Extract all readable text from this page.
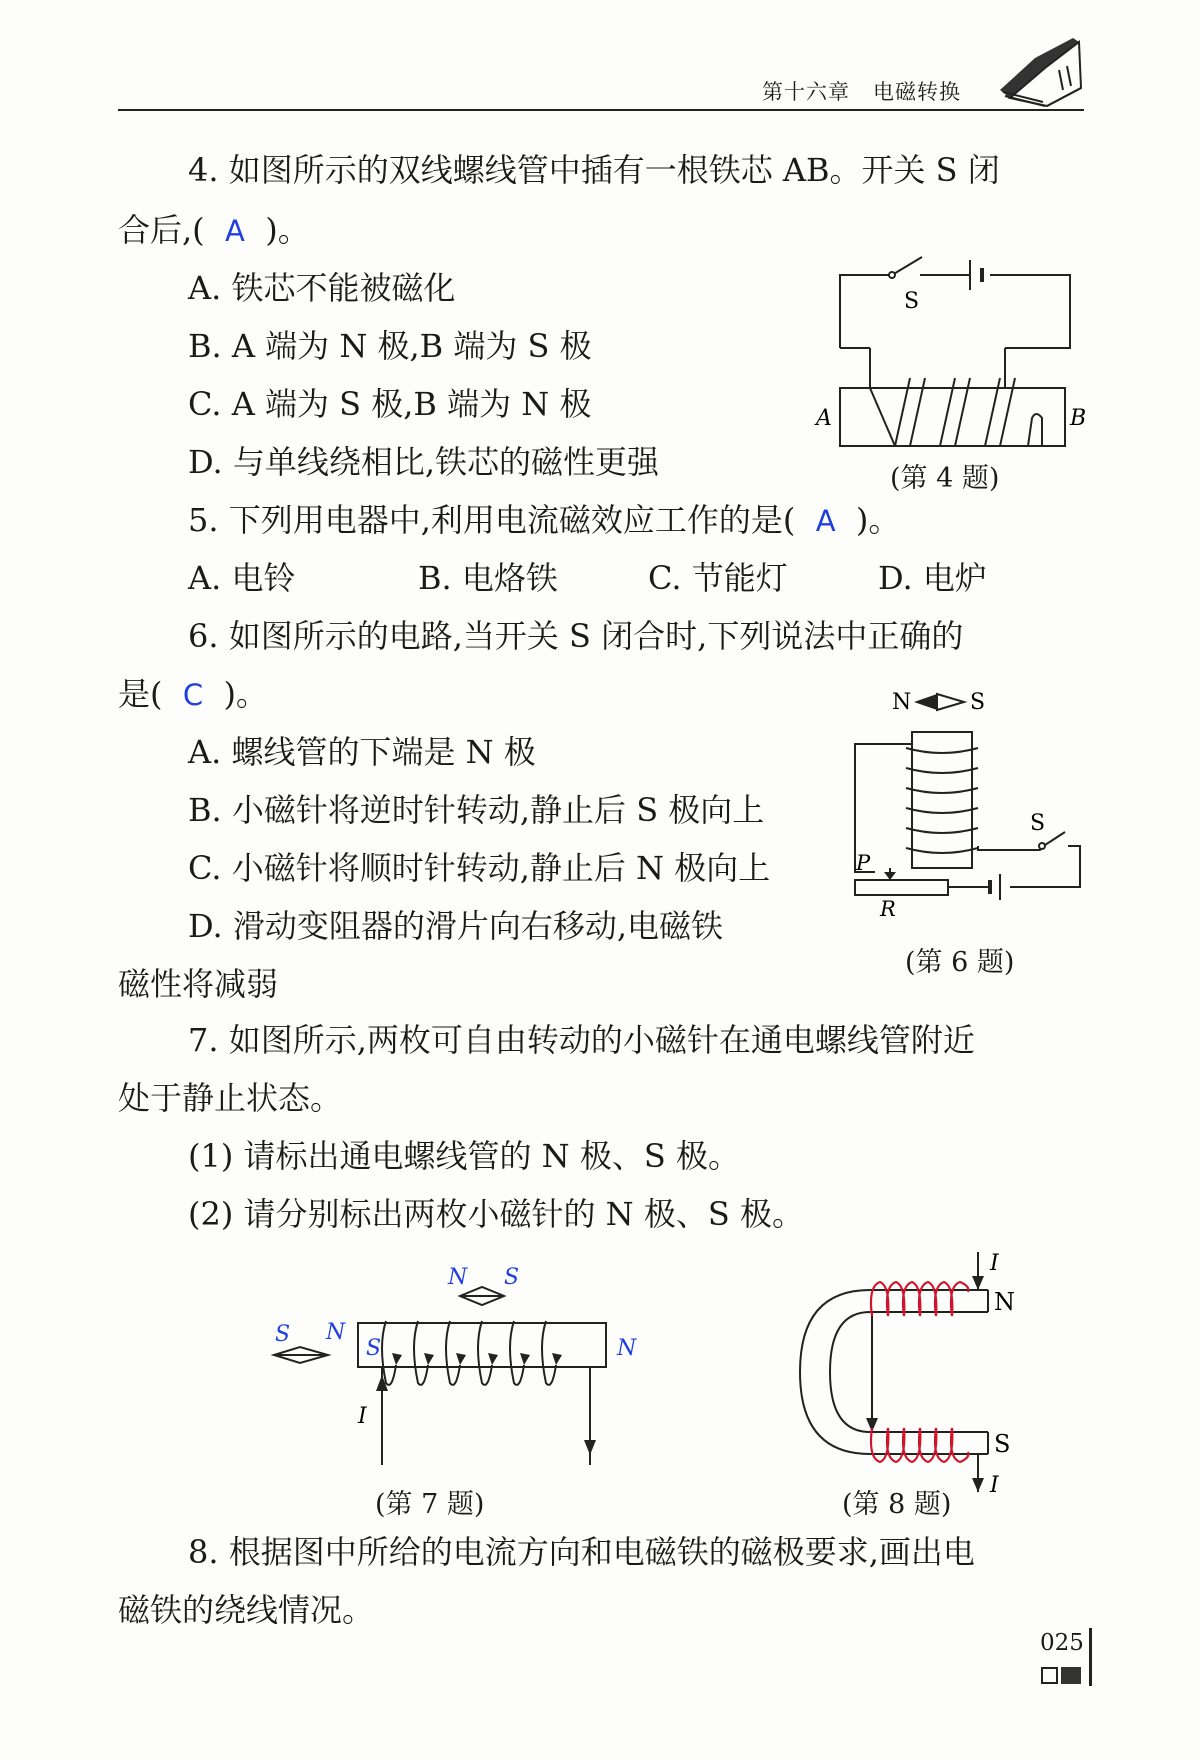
第十六章 电磁转换
4. 如图所示的双线螺线管中插有一根铁芯 AB。开关 S 闭
合后,( A )。
A. 铁芯不能被磁化
B. A 端为 N 极,B 端为 S 极
C. A 端为 S 极,B 端为 N 极
D. 与单线绕相比,铁芯的磁性更强
S
A	B
(第 4 题)
5. 下列用电器中,利用电流磁效应工作的是( A )。
A. 电铃	B. 电烙铁	C. 节能灯	D. 电炉
6. 如图所示的电路,当开关 S 闭合时,下列说法中正确的
是( C )。
A. 螺线管的下端是 N 极
B. 小磁针将逆时针转动,静止后 S 极向上
C. 小磁针将顺时针转动,静止后 N 极向上
D. 滑动变阻器的滑片向右移动,电磁铁
磁性将减弱
N	S
S
P
R
(第 6 题)
7. 如图所示,两枚可自由转动的小磁针在通电螺线管附近
处于静止状态。
(1) 请标出通电螺线管的 N 极、S 极。
(2) 请分别标出两枚小磁针的 N 极、S 极。
N S
S N
S	N
I
(第 7 题)
N
S
I
I
(第 8 题)
8. 根据图中所给的电流方向和电磁铁的磁极要求,画出电
磁铁的绕线情况。
025
